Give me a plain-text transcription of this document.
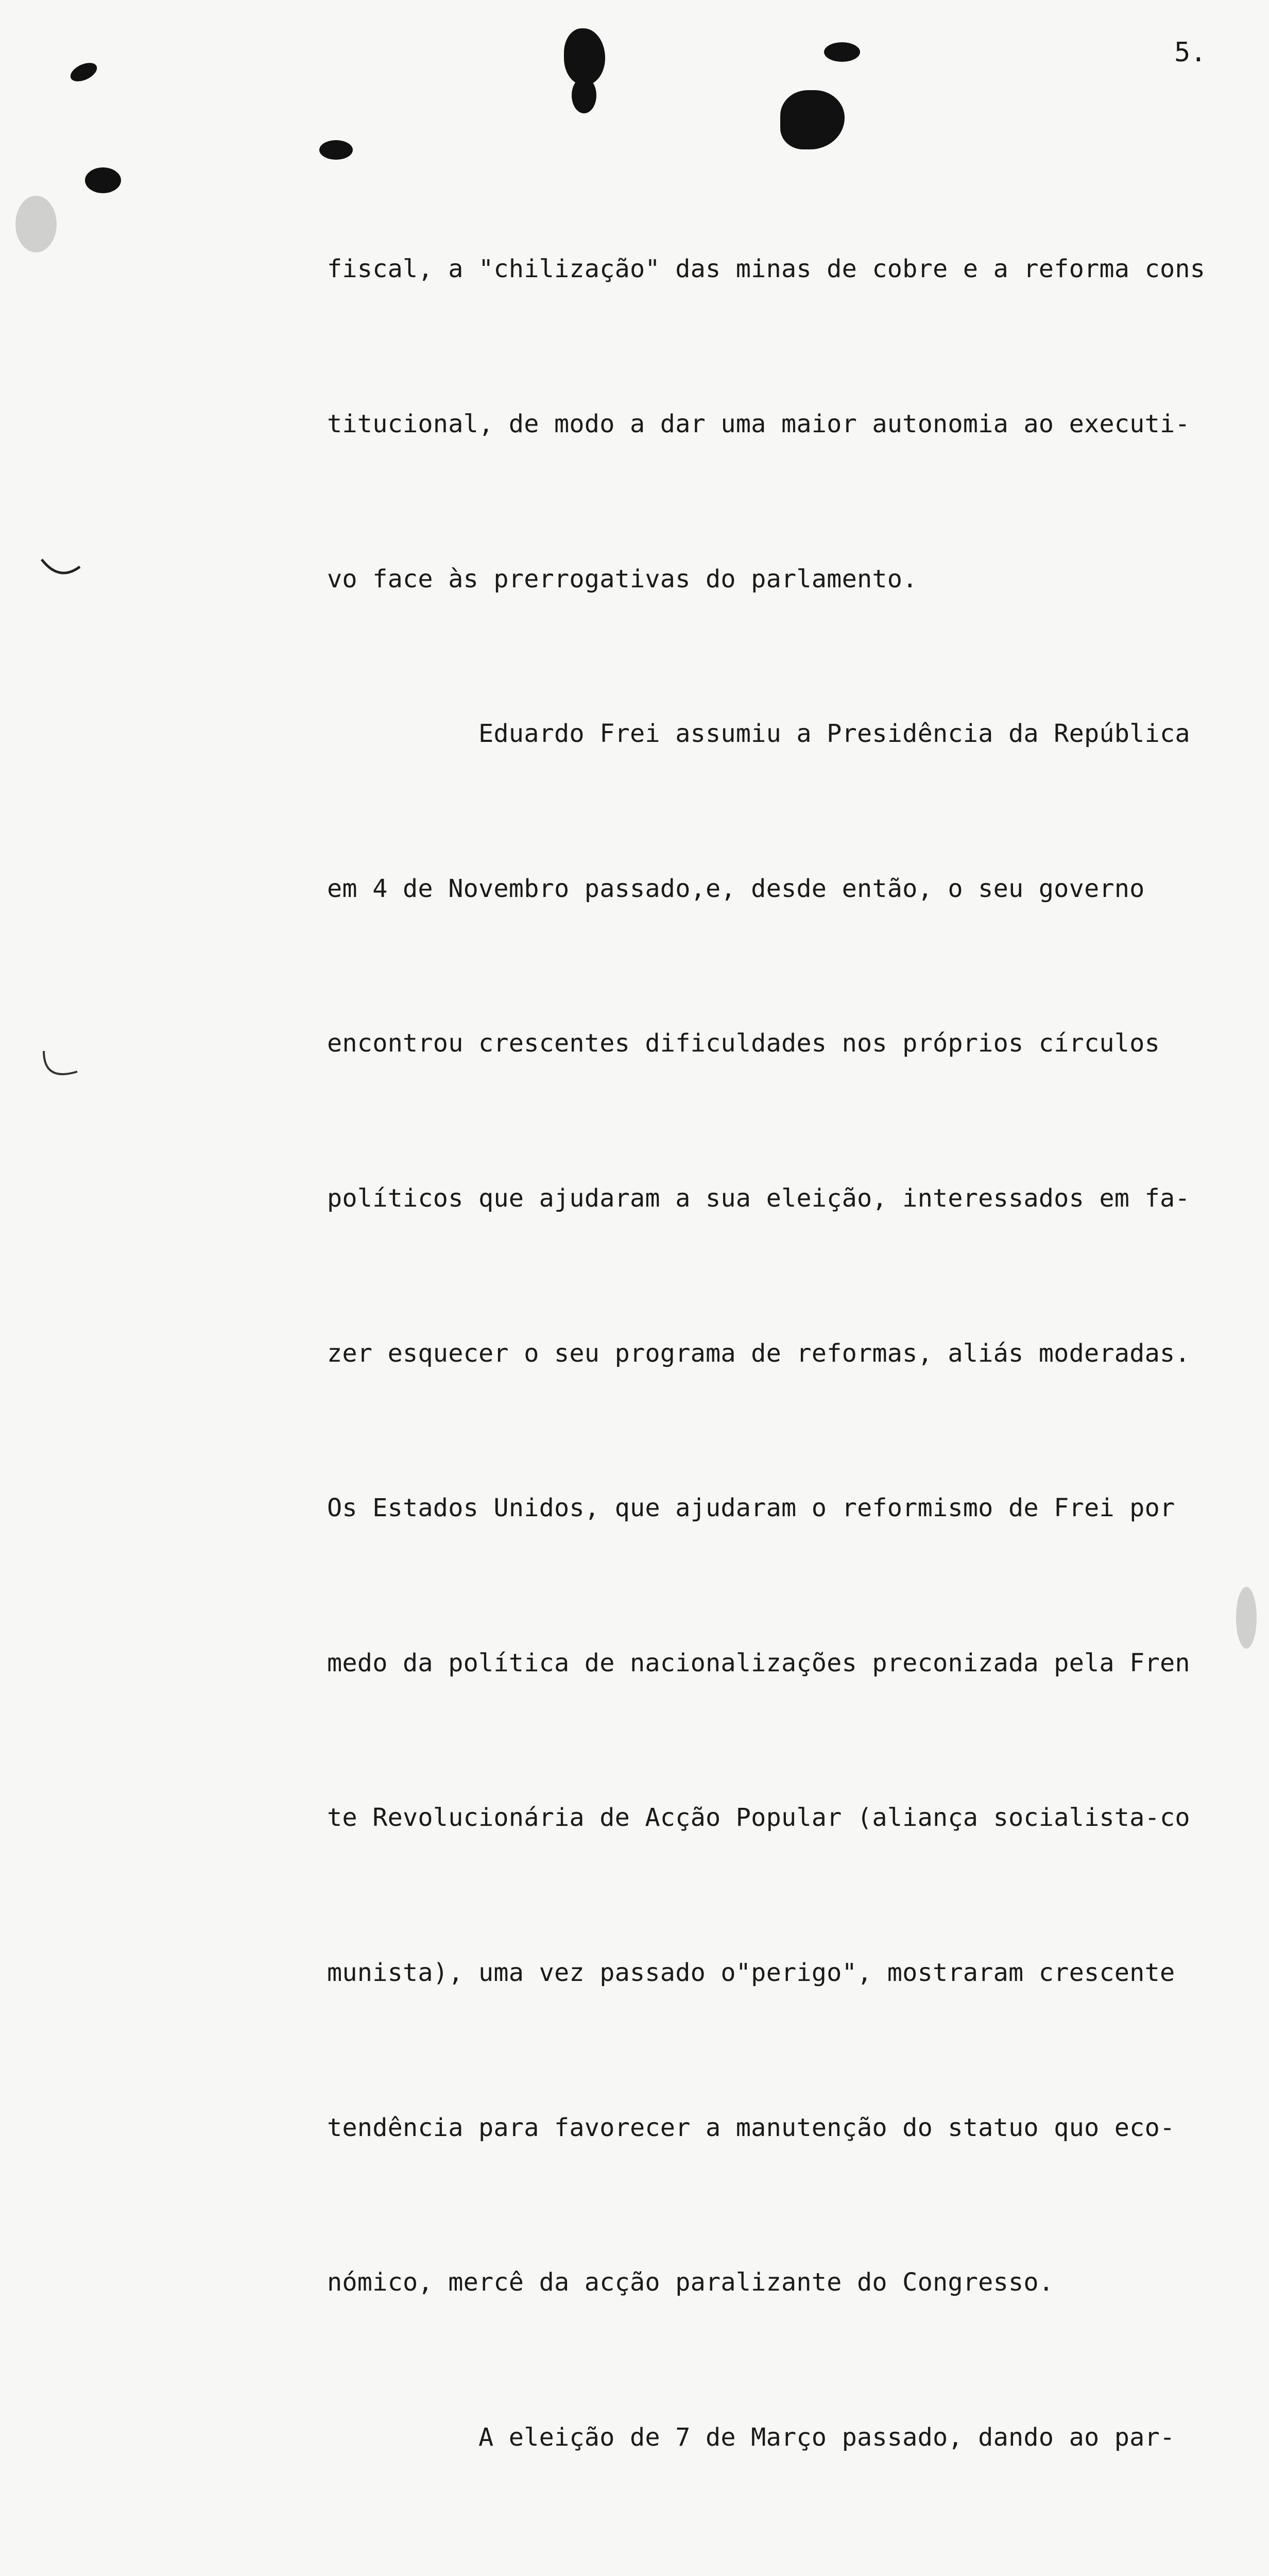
5.

fiscal, a "chilização" das minas de cobre e a reforma cons

titucional, de modo a dar uma maior autonomia ao executi-

vo face às prerrogativas do parlamento.

Eduardo Frei assumiu a Presidência da República

em 4 de Novembro passado,e, desde então, o seu governo

encontrou crescentes dificuldades nos próprios círculos

políticos que ajudaram a sua eleição, interessados em fa-

zer esquecer o seu programa de reformas, aliás moderadas.

Os Estados Unidos, que ajudaram o reformismo de Frei por

medo da política de nacionalizações preconizada pela Fren

te Revolucionária de Acção Popular (aliança socialista-co

munista), uma vez passado o"perigo", mostraram crescente

tendência para favorecer a manutenção do statuo quo eco-

nómico, mercê da acção paralizante do Congresso.

A eleição de 7 de Março passado, dando ao par-
